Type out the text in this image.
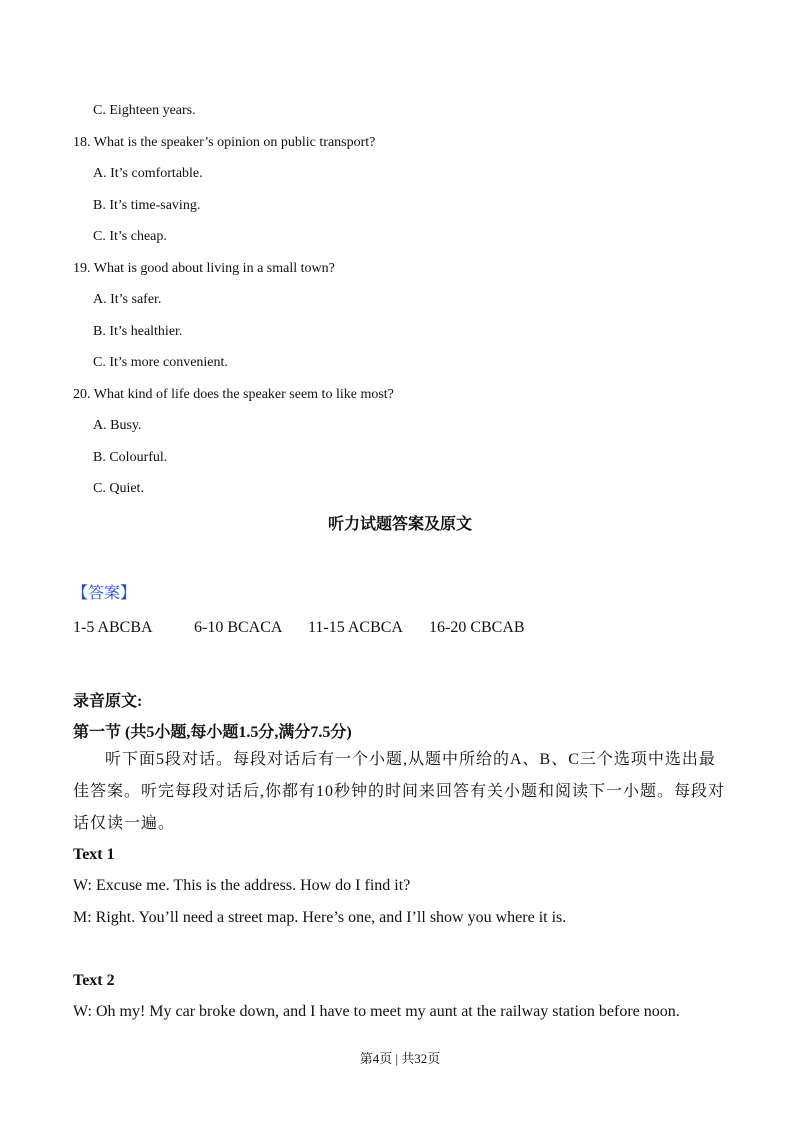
C. Eighteen years.
18. What is the speaker’s opinion on public transport?
A. It’s comfortable.
B. It’s time-saving.
C. It’s cheap.
19. What is good about living in a small town?
A. It’s safer.
B. It’s healthier.
C. It’s more convenient.
20. What kind of life does the speaker seem to like most?
A. Busy.
B. Colourful.
C. Quiet.
听力试题答案及原文
【答案】
1-5 ABCBA	6-10 BCACA 11-15 ACBCA 16-20 CBCAB
录音原文:
第一节 (共5小题,每小题1.5分,满分7.5分)
听下面5段对话。每段对话后有一个小题,从题中所给的A、B、C三个选项中选出最佳答案。听完每段对话后,你都有10秒钟的时间来回答有关小题和阅读下一小题。每段对话仅读一遍。
Text 1
W: Excuse me. This is the address. How do I find it?
M: Right. You’ll need a street map. Here’s one, and I’ll show you where it is.
Text 2
W: Oh my! My car broke down, and I have to meet my aunt at the railway station before noon.
第4页 | 共32页
